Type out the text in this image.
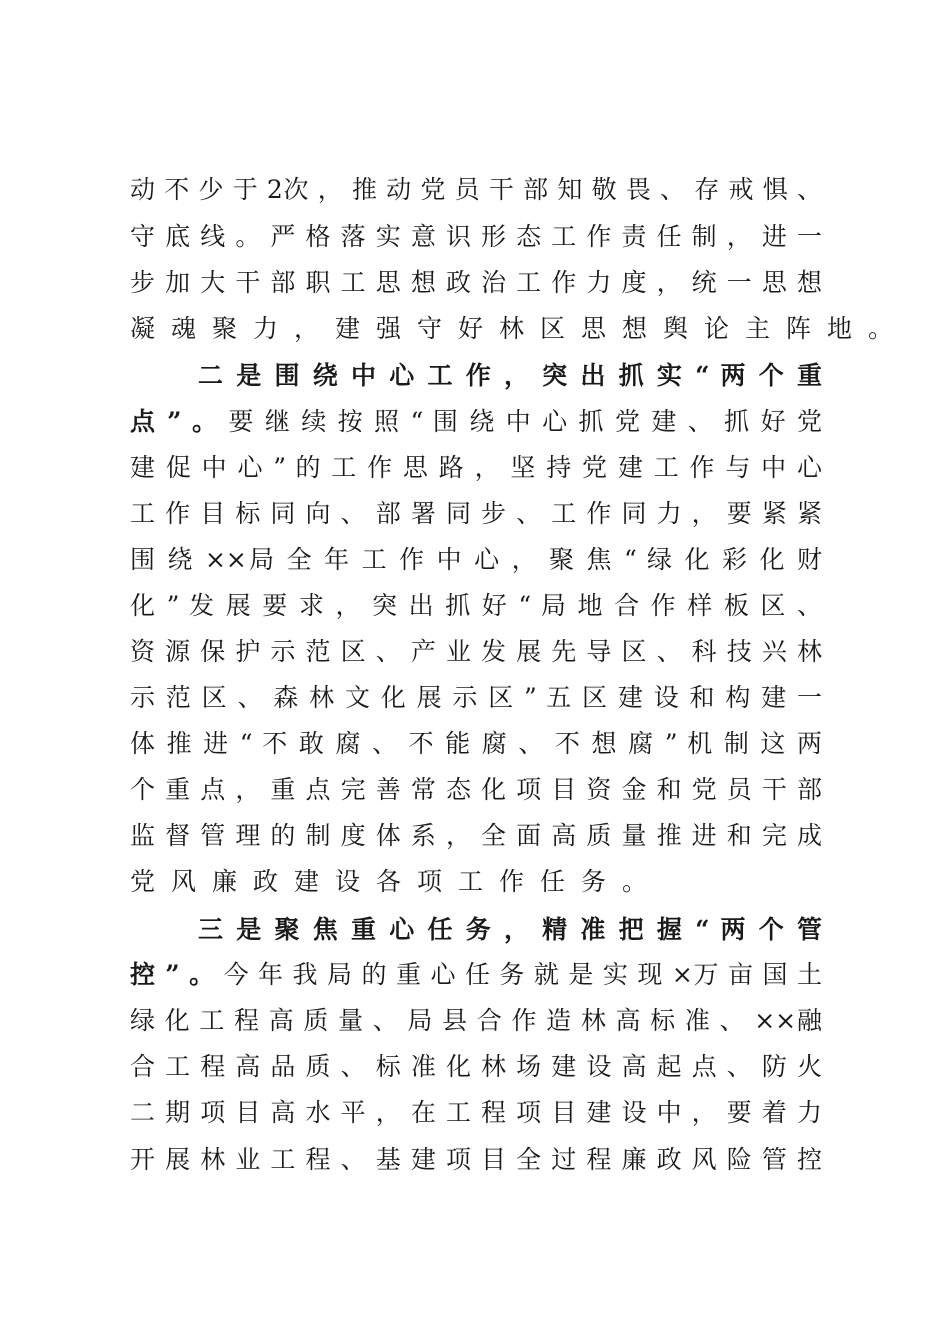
动 不 少 于 2次 ， 推 动 党 员 干 部 知 敬 畏 、 存 戒 惧 、
守 底 线 。 严 格 落 实 意 识 形 态 工 作 责 任 制 ， 进 一
步 加 大 干 部 职 工 思 想 政 治 工 作 力 度 ， 统 一 思 想
凝魂聚力，建强守好林区思想舆论主阵地。
二 是 围 绕 中 心 工 作 ， 突 出 抓 实 “ 两 个 重
点 ” 。 要 继 续 按 照 “ 围 绕 中 心 抓 党 建 、 抓 好 党
建 促 中 心 ” 的 工 作 思 路 ， 坚 持 党 建 工 作 与 中 心
工 作 目 标 同 向 、 部 署 同 步 、 工 作 同 力 ， 要 紧 紧
围 绕 ××局 全 年 工 作 中 心 ， 聚 焦 “ 绿 化 彩 化 财
化 ” 发 展 要 求 ， 突 出 抓 好 “ 局 地 合 作 样 板 区 、
资 源 保 护 示 范 区 、 产 业 发 展 先 导 区 、 科 技 兴 林
示 范 区 、 森 林 文 化 展 示 区 ” 五 区 建 设 和 构 建 一
体 推 进 “ 不 敢 腐 、 不 能 腐 、 不 想 腐 ” 机 制 这 两
个 重 点 ， 重 点 完 善 常 态 化 项 目 资 金 和 党 员 干 部
监 督 管 理 的 制 度 体 系 ， 全 面 高 质 量 推 进 和 完 成
党风廉政建设各项工作任务。
三 是 聚 焦 重 心 任 务 ， 精 准 把 握 “ 两 个 管
控 ” 。 今 年 我 局 的 重 心 任 务 就 是 实 现 ×万 亩 国 土
绿 化 工 程 高 质 量 、 局 县 合 作 造 林 高 标 准 、 ××融
合 工 程 高 品 质 、 标 准 化 林 场 建 设 高 起 点 、 防 火
二 期 项 目 高 水 平 ， 在 工 程 项 目 建 设 中 ， 要 着 力
开 展 林 业 工 程 、 基 建 项 目 全 过 程 廉 政 风 险 管 控
